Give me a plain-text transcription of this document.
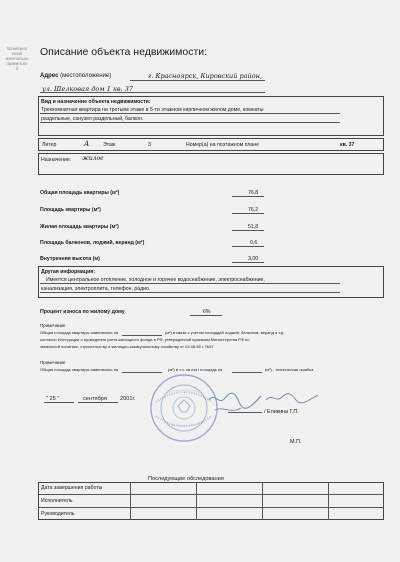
Возможна
ошиб
изначально
правильно
б
Описание объекта недвижимости:
Адрес (местоположение)	г. Красноярск, Кировский район,
ул. Шелковая дом 1 кв. 37
Вид и назначение объекта недвижимости:
Трехкомнатная квартира на третьем этаже в 5-ти этажном кирпичном жилом доме, комнаты
раздельные, санузел раздельный, балкон.
Литер	А	Этаж	3	Номер(а) на поэтажном плане	кв. 37
Назначение: жилое
Общая площадь квартиры (м²)	76,8
Площадь квартиры (м²)	76,2
Жилая площадь квартиры (м²)	51,8
Площадь балконов, лоджий, веранд (м²)	0,6
Внутренняя высота (м)	3,00
Другая информация:
Имеется центральное отопление, холодное и горячее водоснабжение, электроснабжение,
канализация, электроплита, телефон, радио.
Процент износа по жилому дому	6%
Примечание
Общая площадь квартиры изменилась на	(м²) в связи с учетом площадей лоджий, балконов, веранд и т.д.
согласно Инструкции о проведении учета жилищного фонда в РФ, утвержденной приказом Министерства РФ по
земельной политике, строительству и жилищно-коммунальному хозяйству от 04.08.98 г. №37
Примечание
Общая площадь квартиры изменилась на	(м²) в т.ч. за счет площадь на	(м²) - техническая ошибка
" 25 "	сентября 2001г.
/ Еликина Г.П.
М.П.
Последующие обследования
Дата завершения работы
Исполнитель
Руководитель
